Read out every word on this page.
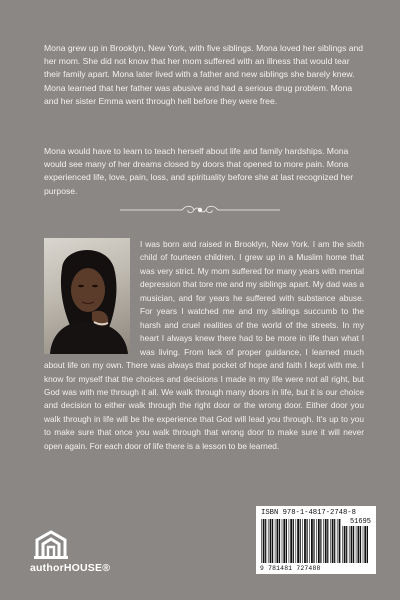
Mona grew up in Brooklyn, New York, with five siblings. Mona loved her siblings and her mom. She did not know that her mom suffered with an illness that would tear their family apart. Mona later lived with a father and new siblings she barely knew. Mona learned that her father was abusive and had a serious drug problem. Mona and her sister Emma went through hell before they were free.

Mona would have to learn to teach herself about life and family hardships. Mona would see many of her dreams closed by doors that opened to more pain. Mona experienced life, love, pain, loss, and spirituality before she at last recognized her purpose.

I was born and raised in Brooklyn, New York. I am the sixth child of fourteen children. I grew up in a Muslim home that was very strict. My mom suffered for many years with mental depression that tore me and my siblings apart. My dad was a musician, and for years he suffered with substance abuse. For years I watched me and my siblings succumb to the harsh and cruel realities of the world of the streets. In my heart I always knew there had to be more in life than what I was living. From lack of proper guidance, I learned much about life on my own. There was always that pocket of hope and faith I kept with me. I know for myself that the choices and decisions I made in my life were not all right, but God was with me through it all. We walk through many doors in life, but it is our choice and decision to either walk through the right door or the wrong door. Either door you walk through in life will be the experience that God will lead you through. It's up to you to make sure that once you walk through that wrong door to make sure it will never open again. For each door of life there is a lesson to be learned.

authorHOUSE®
ISBN 978-1-4817-2748-8
51695
9 781481 727488
